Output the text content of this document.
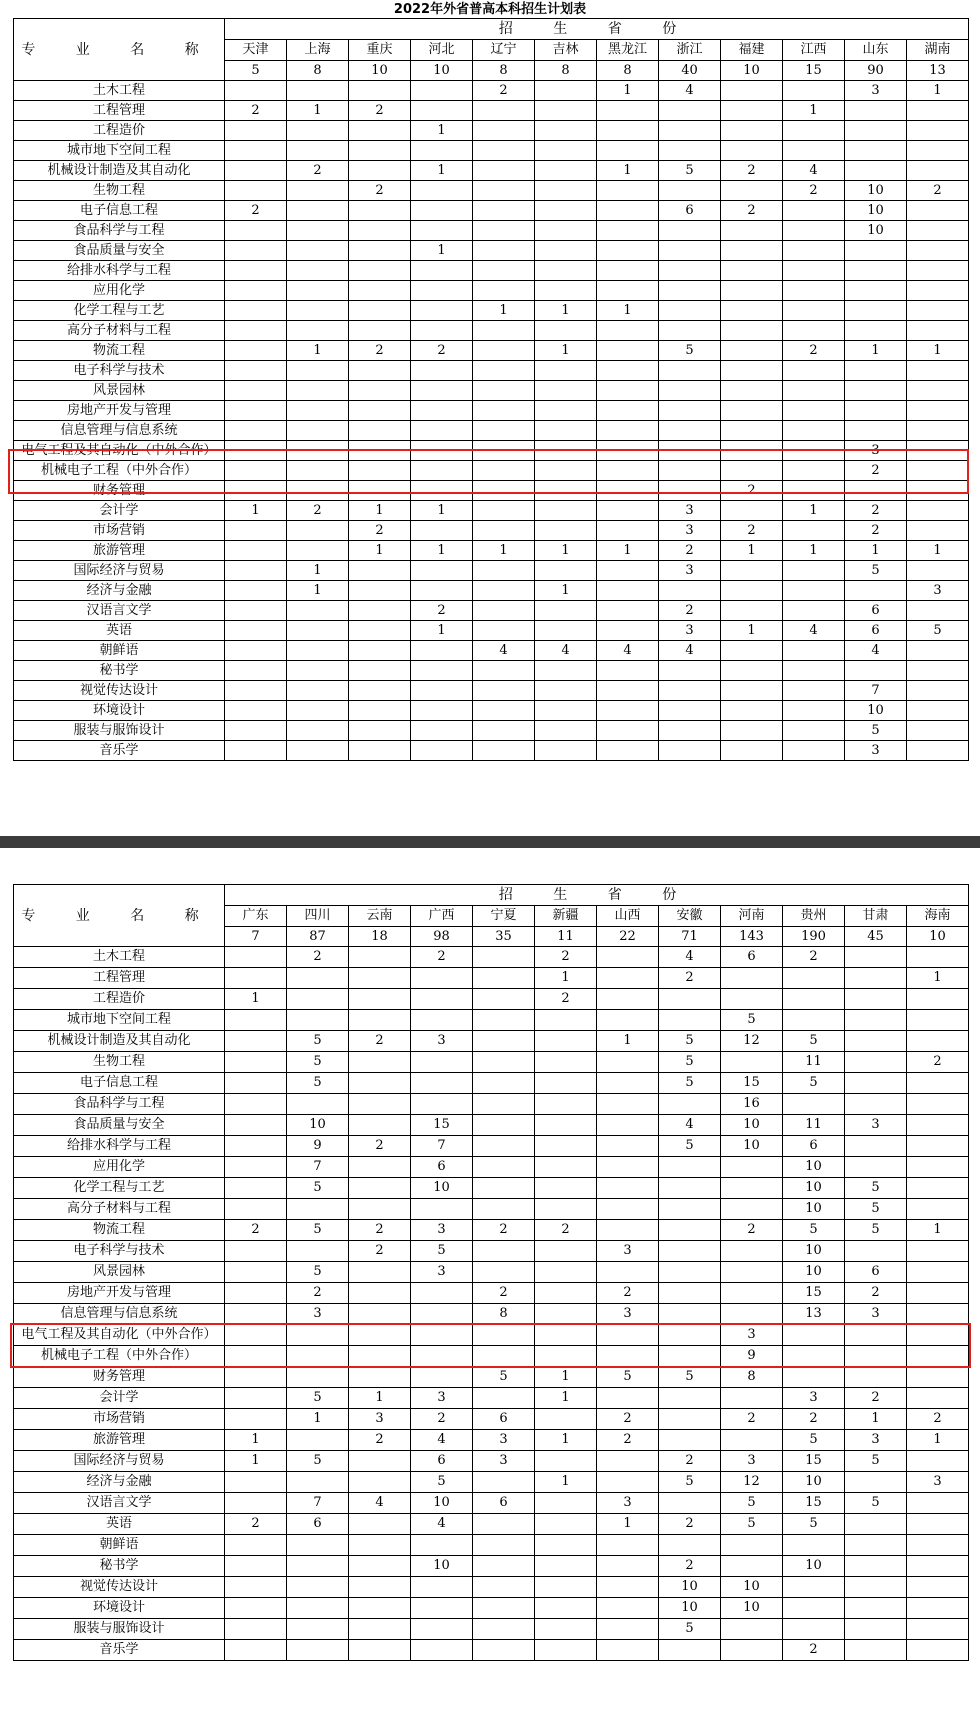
2022年外省普高本科招生计划表
专 业 名 称	招 生 省 份											
	天津	上海	重庆	河北	辽宁	吉林	黑龙江	浙江	福建	江西	山东	湖南
	5	8	10	10	8	8	8	40	10	15	90	13
土木工程					2		1	4			3	1
工程管理	2	1	2							1		
工程造价				1								
城市地下空间工程												
机械设计制造及其自动化		2		1			1	5	2	4		
生物工程			2							2	10	2
电子信息工程	2							6	2		10	
食品科学与工程											10	
食品质量与安全				1								
给排水科学与工程												
应用化学												
化学工程与工艺					1	1	1					
高分子材料与工程												
物流工程		1	2	2		1		5		2	1	1
电子科学与技术												
风景园林												
房地产开发与管理												
信息管理与信息系统												
电气工程及其自动化（中外合作）											3	
机械电子工程（中外合作）											2	
财务管理									2			
会计学	1	2	1	1				3		1	2	
市场营销			2					3	2		2	
旅游管理			1	1	1	1	1	2	1	1	1	1
国际经济与贸易		1						3			5	
经济与金融		1				1						3
汉语言文学				2				2			6	
英语				1				3	1	4	6	5
朝鲜语					4	4	4	4			4	
秘书学												
视觉传达设计											7	
环境设计											10	
服装与服饰设计											5	
音乐学											3	
专 业 名 称	招 生 省 份											
	广东	四川	云南	广西	宁夏	新疆	山西	安徽	河南	贵州	甘肃	海南
	7	87	18	98	35	11	22	71	143	190	45	10
土木工程		2		2		2		4	6	2		
工程管理						1		2				1
工程造价	1					2						
城市地下空间工程									5			
机械设计制造及其自动化		5	2	3			1	5	12	5		
生物工程		5						5		11		2
电子信息工程		5						5	15	5		
食品科学与工程									16			
食品质量与安全		10		15				4	10	11	3	
给排水科学与工程		9	2	7				5	10	6		
应用化学		7		6						10		
化学工程与工艺		5		10						10	5	
高分子材料与工程										10	5	
物流工程	2	5	2	3	2	2			2	5	5	1
电子科学与技术			2	5			3			10		
风景园林		5		3						10	6	
房地产开发与管理		2			2		2			15	2	
信息管理与信息系统		3			8		3			13	3	
电气工程及其自动化（中外合作）									3			
机械电子工程（中外合作）									9			
财务管理					5	1	5	5	8			
会计学		5	1	3		1				3	2	
市场营销		1	3	2	6		2		2	2	1	2
旅游管理	1		2	4	3	1	2			5	3	1
国际经济与贸易	1	5		6	3			2	3	15	5	
经济与金融				5		1		5	12	10		3
汉语言文学		7	4	10	6		3		5	15	5	
英语	2	6		4			1	2	5	5		
朝鲜语												
秘书学				10				2		10		
视觉传达设计								10	10			
环境设计								10	10			
服装与服饰设计								5				
音乐学										2		
